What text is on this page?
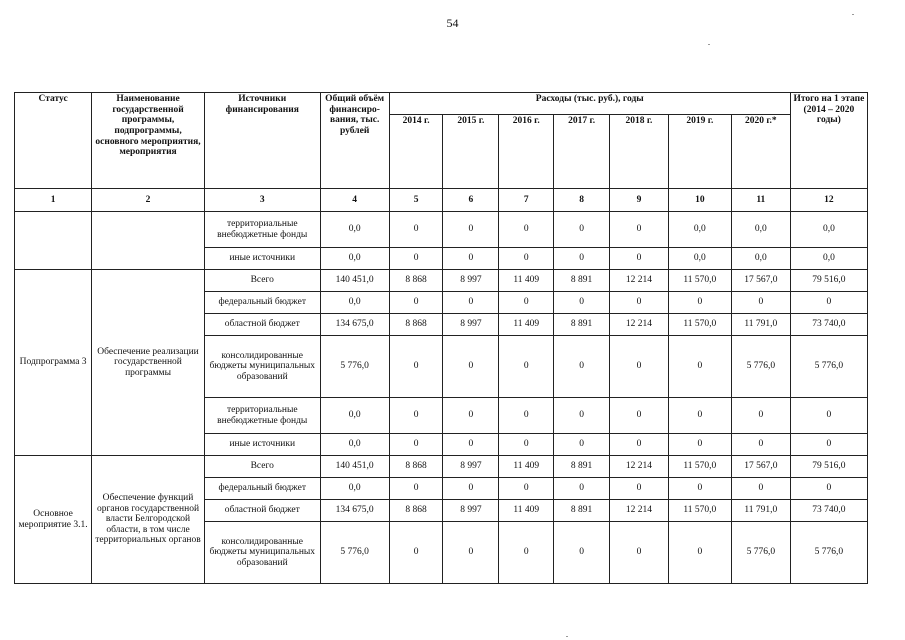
54
Статус	Наименование государственной программы, подпрограммы, основного мероприятия, мероприятия	Источники финансирования	Общий объём финансиро-вания, тыс. рублей	Расходы (тыс. руб.), годы							Итого на 1 этапе (2014 – 2020 годы)
				2014 г.	2015 г.	2016 г.	2017 г.	2018 г.	2019 г.	2020 г.*	
1	2	3	4	5	6	7	8	9	10	11	12
		территориальные внебюджетные фонды	0,0	0	0	0	0	0	0,0	0,0	0,0
		иные источники	0,0	0	0	0	0	0	0,0	0,0	0,0
Подпрограмма 3	Обеспечение реализации государственной программы	Всего	140 451,0	8 868	8 997	11 409	8 891	12 214	11 570,0	17 567,0	79 516,0
		федеральный бюджет	0,0	0	0	0	0	0	0	0	0
		областной бюджет	134 675,0	8 868	8 997	11 409	8 891	12 214	11 570,0	11 791,0	73 740,0
		консолидированные бюджеты муниципальных образований	5 776,0	0	0	0	0	0	0	5 776,0	5 776,0
		территориальные внебюджетные фонды	0,0	0	0	0	0	0	0	0	0
		иные источники	0,0	0	0	0	0	0	0	0	0
Основное мероприятие 3.1.	Обеспечение функций органов государственной власти Белгородской области, в том числе территориальных органов	Всего	140 451,0	8 868	8 997	11 409	8 891	12 214	11 570,0	17 567,0	79 516,0
		федеральный бюджет	0,0	0	0	0	0	0	0	0	0
		областной бюджет	134 675,0	8 868	8 997	11 409	8 891	12 214	11 570,0	11 791,0	73 740,0
		консолидированные бюджеты муниципальных образований	5 776,0	0	0	0	0	0	0	5 776,0	5 776,0
